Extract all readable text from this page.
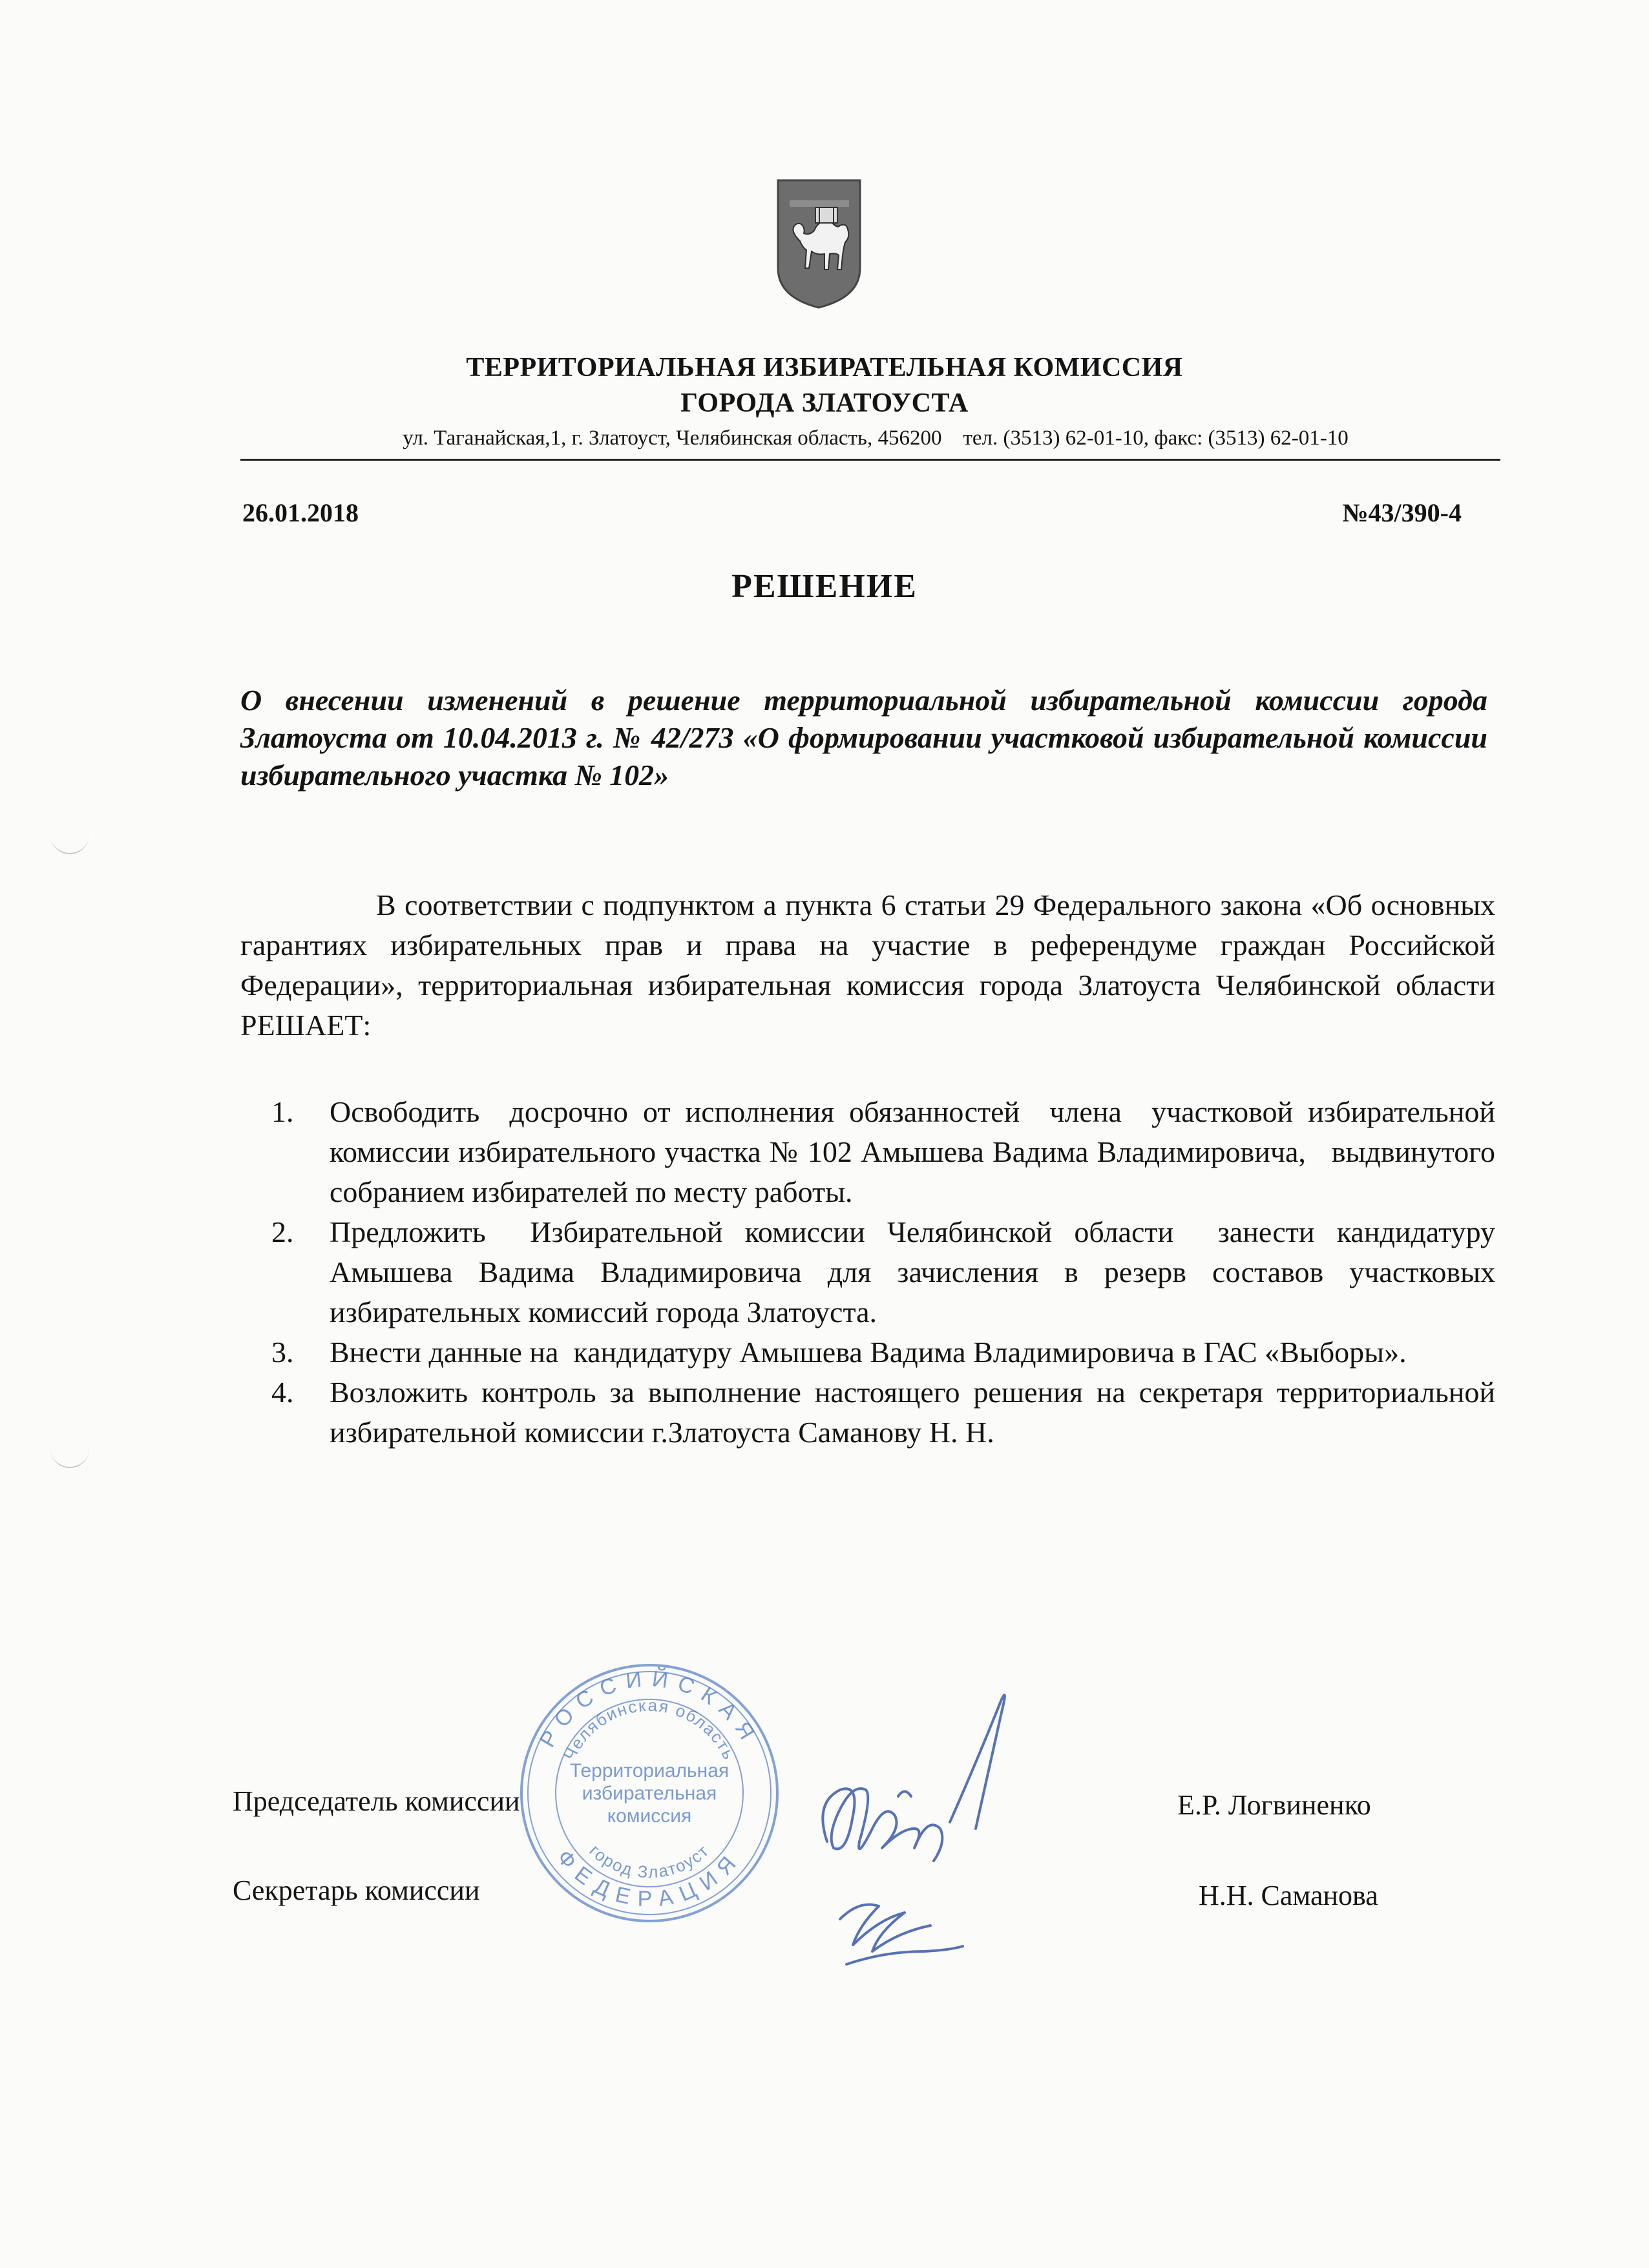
ТЕРРИТОРИАЛЬНАЯ ИЗБИРАТЕЛЬНАЯ КОМИССИЯ
ГОРОДА ЗЛАТОУСТА
ул. Таганайская,1, г. Златоуст, Челябинская область, 456200    тел. (3513) 62-01-10, факс: (3513) 62-01-10
26.01.2018	№43/390-4
РЕШЕНИЕ
О внесении изменений в решение территориальной избирательной комиссии города Златоуста от 10.04.2013 г. № 42/273 «О формировании участковой избирательной комиссии избирательного участка № 102»
В соответствии с подпунктом а пункта 6 статьи 29 Федерального закона «Об основных гарантиях избирательных прав и права на участие в референдуме граждан Российской Федерации», территориальная избирательная комиссия города Златоуста Челябинской области РЕШАЕТ:
1.	Освободить  досрочно от исполнения обязанностей  члена  участковой избирательной комиссии избирательного участка № 102 Амышева Вадима Владимировича,   выдвинутого собранием избирателей по месту работы.
2.	Предложить  Избирательной комиссии Челябинской области  занести кандидатуру Амышева Вадима Владимировича для зачисления в резерв составов участковых избирательных комиссий города Златоуста.
3.	Внести данные на  кандидатуру Амышева Вадима Владимировича в ГАС «Выборы».
4.	Возложить контроль за выполнение настоящего решения на секретаря территориальной избирательной комиссии г.Златоуста Саманову Н. Н.
РОССИЙСКАЯ
ФЕДЕРАЦИЯ
Челябинская область
город Златоуст
Территориальная
избирательная
комиссия
Председатель комиссии	Е.Р. Логвиненко
Секретарь комиссии	Н.Н. Саманова
